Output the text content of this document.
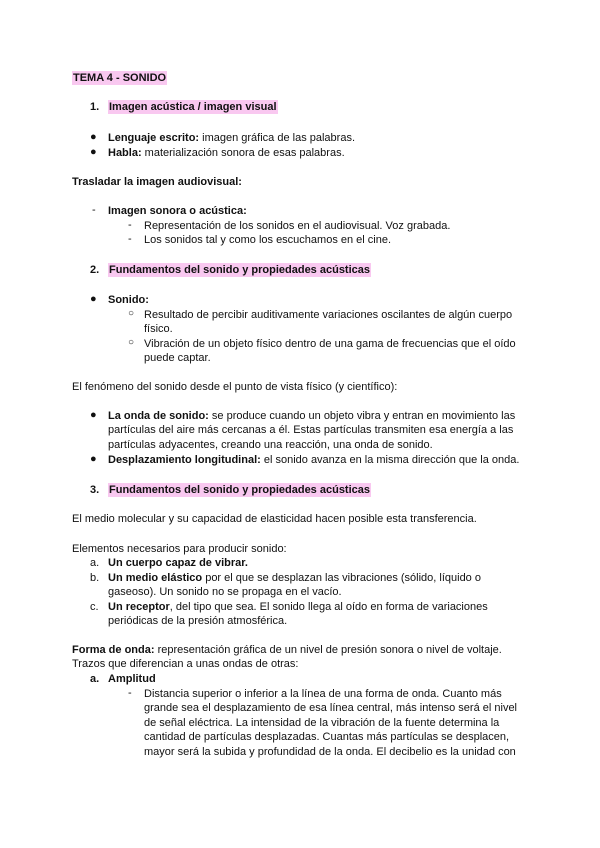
TEMA 4 - SONIDO
1. Imagen acústica / imagen visual
● Lenguaje escrito: imagen gráfica de las palabras.
● Habla: materialización sonora de esas palabras.
Trasladar la imagen audiovisual:
- Imagen sonora o acústica:
- Representación de los sonidos en el audiovisual. Voz grabada.
- Los sonidos tal y como los escuchamos en el cine.
2. Fundamentos del sonido y propiedades acústicas
● Sonido:
○ Resultado de percibir auditivamente variaciones oscilantes de algún cuerpo
físico.
○ Vibración de un objeto físico dentro de una gama de frecuencias que el oído
puede captar.
El fenómeno del sonido desde el punto de vista físico (y científico):
● La onda de sonido: se produce cuando un objeto vibra y entran en movimiento las
partículas del aire más cercanas a él. Estas partículas transmiten esa energía a las
partículas adyacentes, creando una reacción, una onda de sonido.
● Desplazamiento longitudinal: el sonido avanza en la misma dirección que la onda.
3. Fundamentos del sonido y propiedades acústicas
El medio molecular y su capacidad de elasticidad hacen posible esta transferencia.
Elementos necesarios para producir sonido:
a. Un cuerpo capaz de vibrar.
b. Un medio elástico por el que se desplazan las vibraciones (sólido, líquido o
gaseoso). Un sonido no se propaga en el vacío.
c. Un receptor, del tipo que sea. El sonido llega al oído en forma de variaciones
periódicas de la presión atmosférica.
Forma de onda: representación gráfica de un nivel de presión sonora o nivel de voltaje.
Trazos que diferencian a unas ondas de otras:
a. Amplitud
- Distancia superior o inferior a la línea de una forma de onda. Cuanto más
grande sea el desplazamiento de esa línea central, más intenso será el nivel
de señal eléctrica. La intensidad de la vibración de la fuente determina la
cantidad de partículas desplazadas. Cuantas más partículas se desplacen,
mayor será la subida y profundidad de la onda. El decibelio es la unidad con
